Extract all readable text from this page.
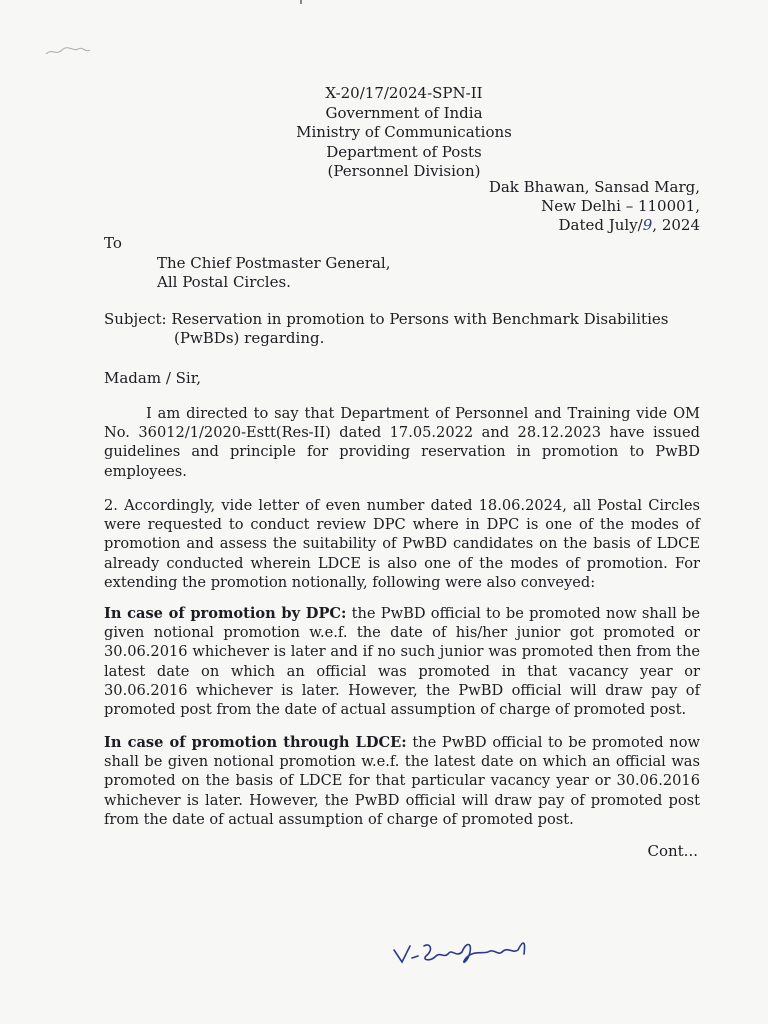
X-20/17/2024-SPN-II
Government of India
Ministry of Communications
Department of Posts
(Personnel Division)
Dak Bhawan, Sansad Marg,
New Delhi – 110001,
Dated July/9, 2024
To
The Chief Postmaster General,
All Postal Circles.
Subject: Reservation in promotion to Persons with Benchmark Disabilities
(PwBDs) regarding.
Madam / Sir,
I am directed to say that Department of Personnel and Training vide OM No. 36012/1/2020-Estt(Res-II) dated 17.05.2022 and 28.12.2023 have issued guidelines and principle for providing reservation in promotion to PwBD employees.
2. Accordingly, vide letter of even number dated 18.06.2024, all Postal Circles were requested to conduct review DPC where in DPC is one of the modes of promotion and assess the suitability of PwBD candidates on the basis of LDCE already conducted wherein LDCE is also one of the modes of promotion. For extending the promotion notionally, following were also conveyed:
In case of promotion by DPC: the PwBD official to be promoted now shall be given notional promotion w.e.f. the date of his/her junior got promoted or 30.06.2016 whichever is later and if no such junior was promoted then from the latest date on which an official was promoted in that vacancy year or 30.06.2016 whichever is later. However, the PwBD official will draw pay of promoted post from the date of actual assumption of charge of promoted post.
In case of promotion through LDCE: the PwBD official to be promoted now shall be given notional promotion w.e.f. the latest date on which an official was promoted on the basis of LDCE for that particular vacancy year or 30.06.2016 whichever is later. However, the PwBD official will draw pay of promoted post from the date of actual assumption of charge of promoted post.
Cont...
